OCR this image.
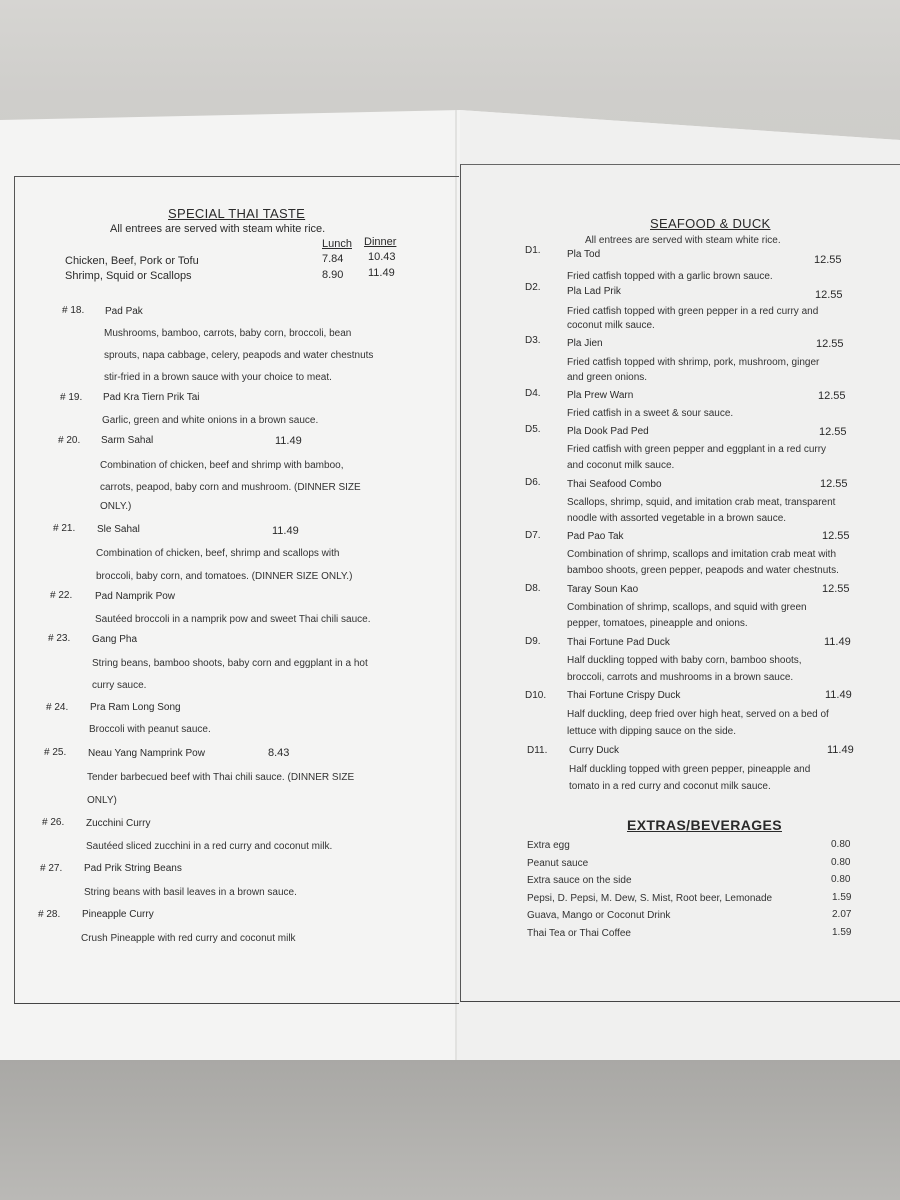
SPECIAL THAI TASTE
All entrees are served with steam white rice.
Lunch Dinner
Chicken, Beef, Pork or Tofu	7.84 10.43
Shrimp, Squid or Scallops	8.90 11.49
# 18. Pad Pak
Mushrooms, bamboo, carrots, baby corn, broccoli, bean
sprouts, napa cabbage, celery, peapods and water chestnuts
stir-fried in a brown sauce with your choice to meat.
# 19. Pad Kra Tiern Prik Tai
Garlic, green and white onions in a brown sauce.
# 20. Sarm Sahal	11.49
Combination of chicken, beef and shrimp with bamboo,
carrots, peapod, baby corn and mushroom. (DINNER SIZE
ONLY.)
# 21. Sle Sahal	11.49
Combination of chicken, beef, shrimp and scallops with
broccoli, baby corn, and tomatoes. (DINNER SIZE ONLY.)
# 22. Pad Namprik Pow
Sautéed broccoli in a namprik pow and sweet Thai chili sauce.
# 23. Gang Pha
String beans, bamboo shoots, baby corn and eggplant in a hot
curry sauce.
# 24. Pra Ram Long Song
Broccoli with peanut sauce.
# 25. Neau Yang Namprink Pow	8.43
Tender barbecued beef with Thai chili sauce. (DINNER SIZE
ONLY)
# 26. Zucchini Curry
Sautéed sliced zucchini in a red curry and coconut milk.
# 27. Pad Prik String Beans
String beans with basil leaves in a brown sauce.
# 28. Pineapple Curry
Crush Pineapple with red curry and coconut milk
SEAFOOD & DUCK
All entrees are served with steam white rice.
D1.	Pla Tod	12.55
Fried catfish topped with a garlic brown sauce.
D2.	Pla Lad Prik	12.55
Fried catfish topped with green pepper in a red curry and
coconut milk sauce.
D3.	Pla Jien	12.55
Fried catfish topped with shrimp, pork, mushroom, ginger
and green onions.
D4.	Pla Prew Warn	12.55
Fried catfish in a sweet & sour sauce.
D5.	Pla Dook Pad Ped	12.55
Fried catfish with green pepper and eggplant in a red curry
and coconut milk sauce.
D6.	Thai Seafood Combo	12.55
Scallops, shrimp, squid, and imitation crab meat, transparent
noodle with assorted vegetable in a brown sauce.
D7.	Pad Pao Tak	12.55
Combination of shrimp, scallops and imitation crab meat with
bamboo shoots, green pepper, peapods and water chestnuts.
D8.	Taray Soun Kao	12.55
Combination of shrimp, scallops, and squid with green
pepper, tomatoes, pineapple and onions.
D9.	Thai Fortune Pad Duck	11.49
Half duckling topped with baby corn, bamboo shoots,
broccoli, carrots and mushrooms in a brown sauce.
D10. Thai Fortune Crispy Duck	11.49
Half duckling, deep fried over high heat, served on a bed of
lettuce with dipping sauce on the side.
D11. Curry Duck	11.49
Half duckling topped with green pepper, pineapple and
tomato in a red curry and coconut milk sauce.
EXTRAS/BEVERAGES
Extra egg	0.80
Peanut sauce	0.80
Extra sauce on the side	0.80
Pepsi, D. Pepsi, M. Dew, S. Mist, Root beer, Lemonade	1.59
Guava, Mango or Coconut Drink	2.07
Thai Tea or Thai Coffee	1.59
